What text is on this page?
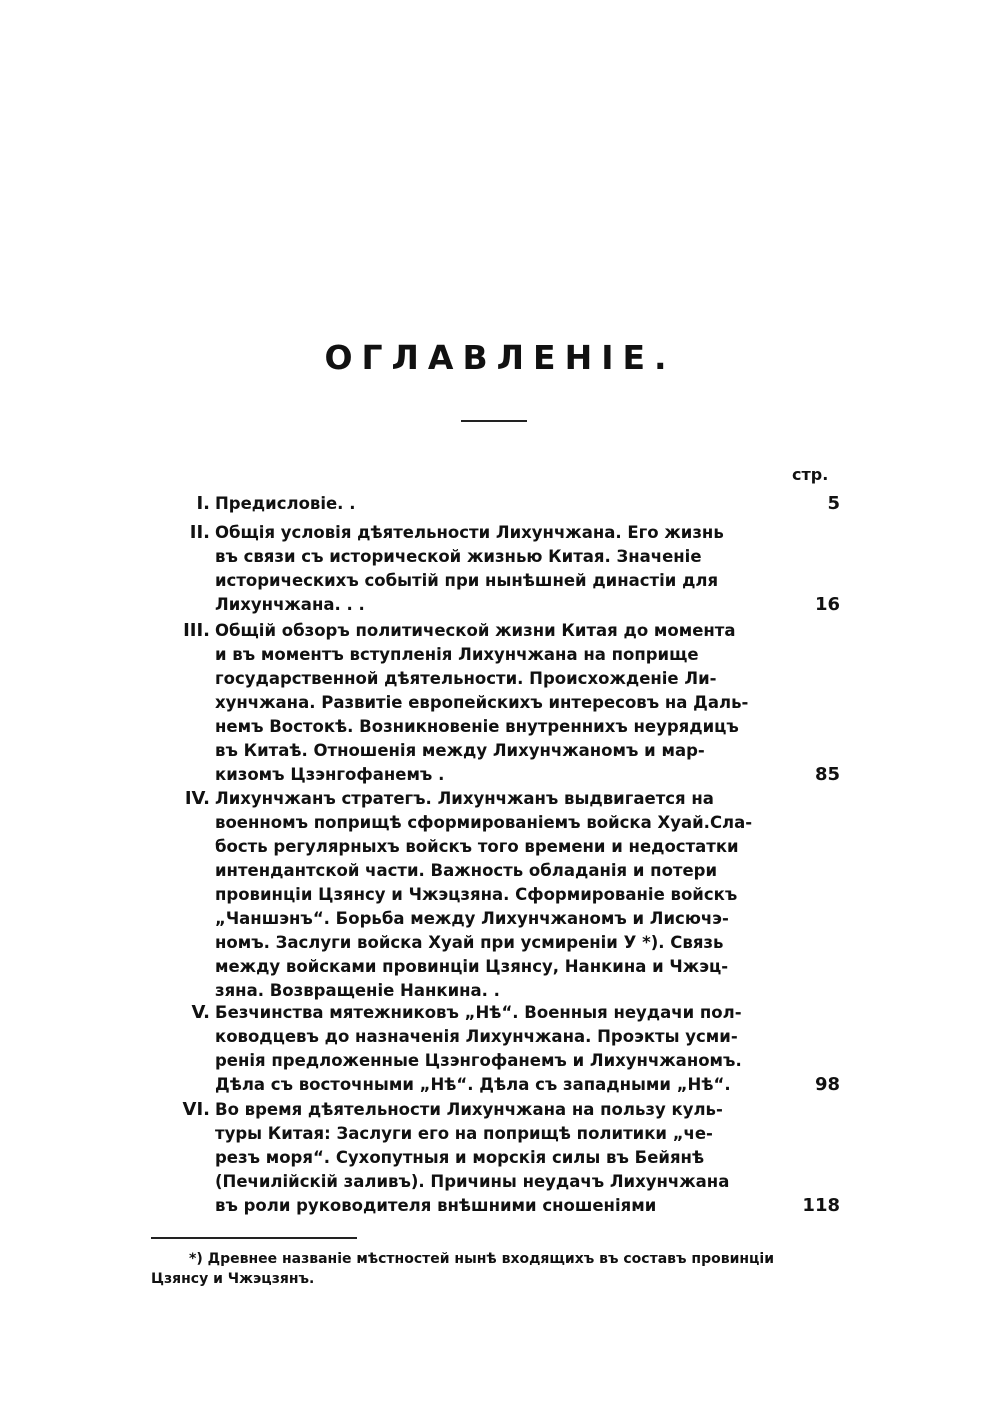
ОГЛАВЛЕНІЕ.
стр.
I. Предисловіе. .	5
II. Общія условія дѣятельности Лихунчжана. Его жизнь
въ связи съ исторической жизнью Китая. Значеніе
историческихъ событій при нынѣшней династіи для
Лихунчжана. . .	16
III. Общій обзоръ политической жизни Китая до момента
и въ моментъ вступленія Лихунчжана на поприще
государственной дѣятельности. Происхожденіе Ли-
хунчжана. Развитіе европейскихъ интересовъ на Даль-
немъ Востокѣ. Возникновеніе внутреннихъ неурядицъ
въ Китаѣ. Отношенія между Лихунчжаномъ и мар-
кизомъ Цзэнгофанемъ .	85
IV. Лихунчжанъ стратегъ. Лихунчжанъ выдвигается на
военномъ поприщѣ сформированіемъ войска Хуай.Сла-
бость регулярныхъ войскъ того времени и недостатки
интендантской части. Важность обладанія и потери
провинціи Цзянсу и Чжэцзяна. Сформированіе войскъ
„Чаншэнъ“. Борьба между Лихунчжаномъ и Лисючэ-
номъ. Заслуги войска Хуай при усмиреніи У *). Связь
между войсками провинціи Цзянсу, Нанкина и Чжэц-
зяна. Возвращеніе Нанкина. .
V. Безчинства мятежниковъ „Нѣ“. Военныя неудачи пол-
ководцевъ до назначенія Лихунчжана. Проэкты усми-
ренія предложенные Цзэнгофанемъ и Лихунчжаномъ.
Дѣла съ восточными „Нѣ“. Дѣла съ западными „Нѣ“.	98
VI. Во время дѣятельности Лихунчжана на пользу куль-
туры Китая: Заслуги его на поприщѣ политики „че-
резъ моря“. Сухопутныя и морскія силы въ Бейянѣ
(Печилійскій заливъ). Причины неудачъ Лихунчжана
въ роли руководителя внѣшними сношеніями	118
*) Древнее названіе мѣстностей нынѣ входящихъ въ составъ провинціи
Цзянсу и Чжэцзянъ.
